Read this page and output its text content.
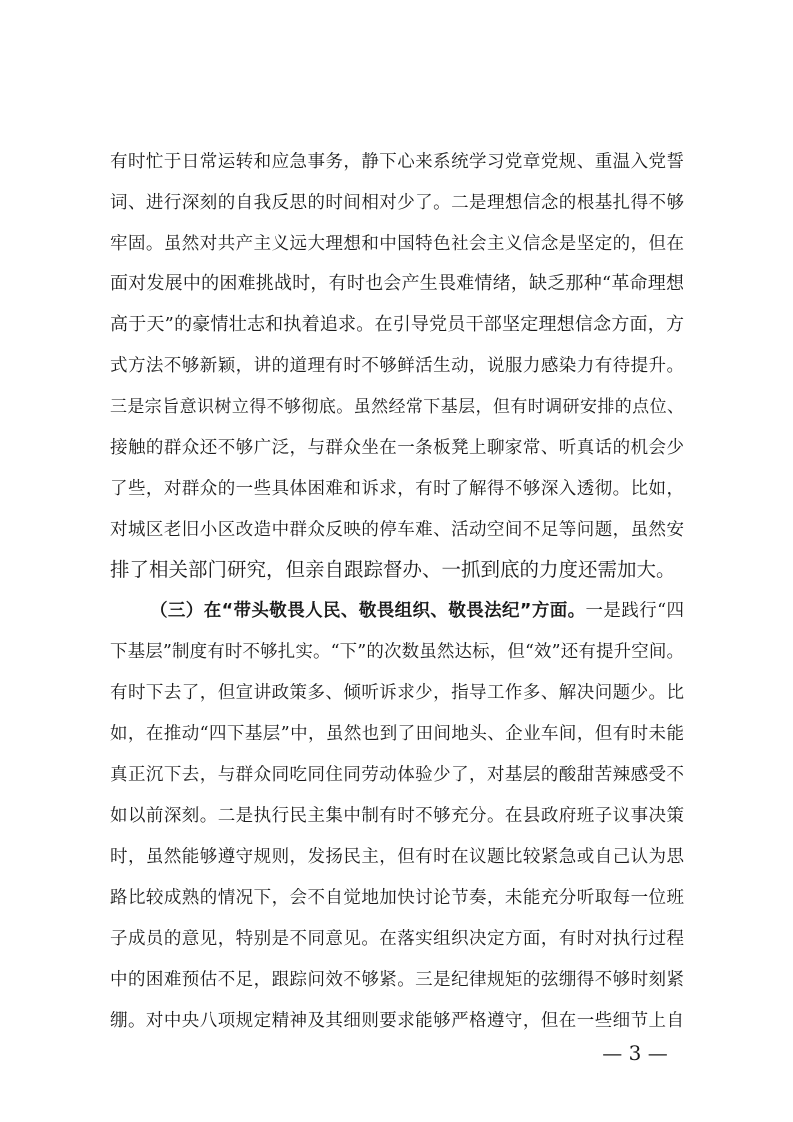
有时忙于日常运转和应急事务，静下心来系统学习党章党规、重温入党誓
词、进行深刻的自我反思的时间相对少了。二是理想信念的根基扎得不够
牢固。虽然对共产主义远大理想和中国特色社会主义信念是坚定的，但在
面对发展中的困难挑战时，有时也会产生畏难情绪，缺乏那种“革命理想
高于天”的豪情壮志和执着追求。在引导党员干部坚定理想信念方面，方
式方法不够新颖，讲的道理有时不够鲜活生动，说服力感染力有待提升。
三是宗旨意识树立得不够彻底。虽然经常下基层，但有时调研安排的点位、
接触的群众还不够广泛，与群众坐在一条板凳上聊家常、听真话的机会少
了些，对群众的一些具体困难和诉求，有时了解得不够深入透彻。比如，
对城区老旧小区改造中群众反映的停车难、活动空间不足等问题，虽然安
排了相关部门研究，但亲自跟踪督办、一抓到底的力度还需加大。
（三）在“带头敬畏人民、敬畏组织、敬畏法纪”方面。一是践行“四
下基层”制度有时不够扎实。“下”的次数虽然达标，但“效”还有提升空间。
有时下去了，但宣讲政策多、倾听诉求少，指导工作多、解决问题少。比
如，在推动“四下基层”中，虽然也到了田间地头、企业车间，但有时未能
真正沉下去，与群众同吃同住同劳动体验少了，对基层的酸甜苦辣感受不
如以前深刻。二是执行民主集中制有时不够充分。在县政府班子议事决策
时，虽然能够遵守规则，发扬民主，但有时在议题比较紧急或自己认为思
路比较成熟的情况下，会不自觉地加快讨论节奏，未能充分听取每一位班
子成员的意见，特别是不同意见。在落实组织决定方面，有时对执行过程
中的困难预估不足，跟踪问效不够紧。三是纪律规矩的弦绷得不够时刻紧
绷。对中央八项规定精神及其细则要求能够严格遵守，但在一些细节上自
— 3 —
